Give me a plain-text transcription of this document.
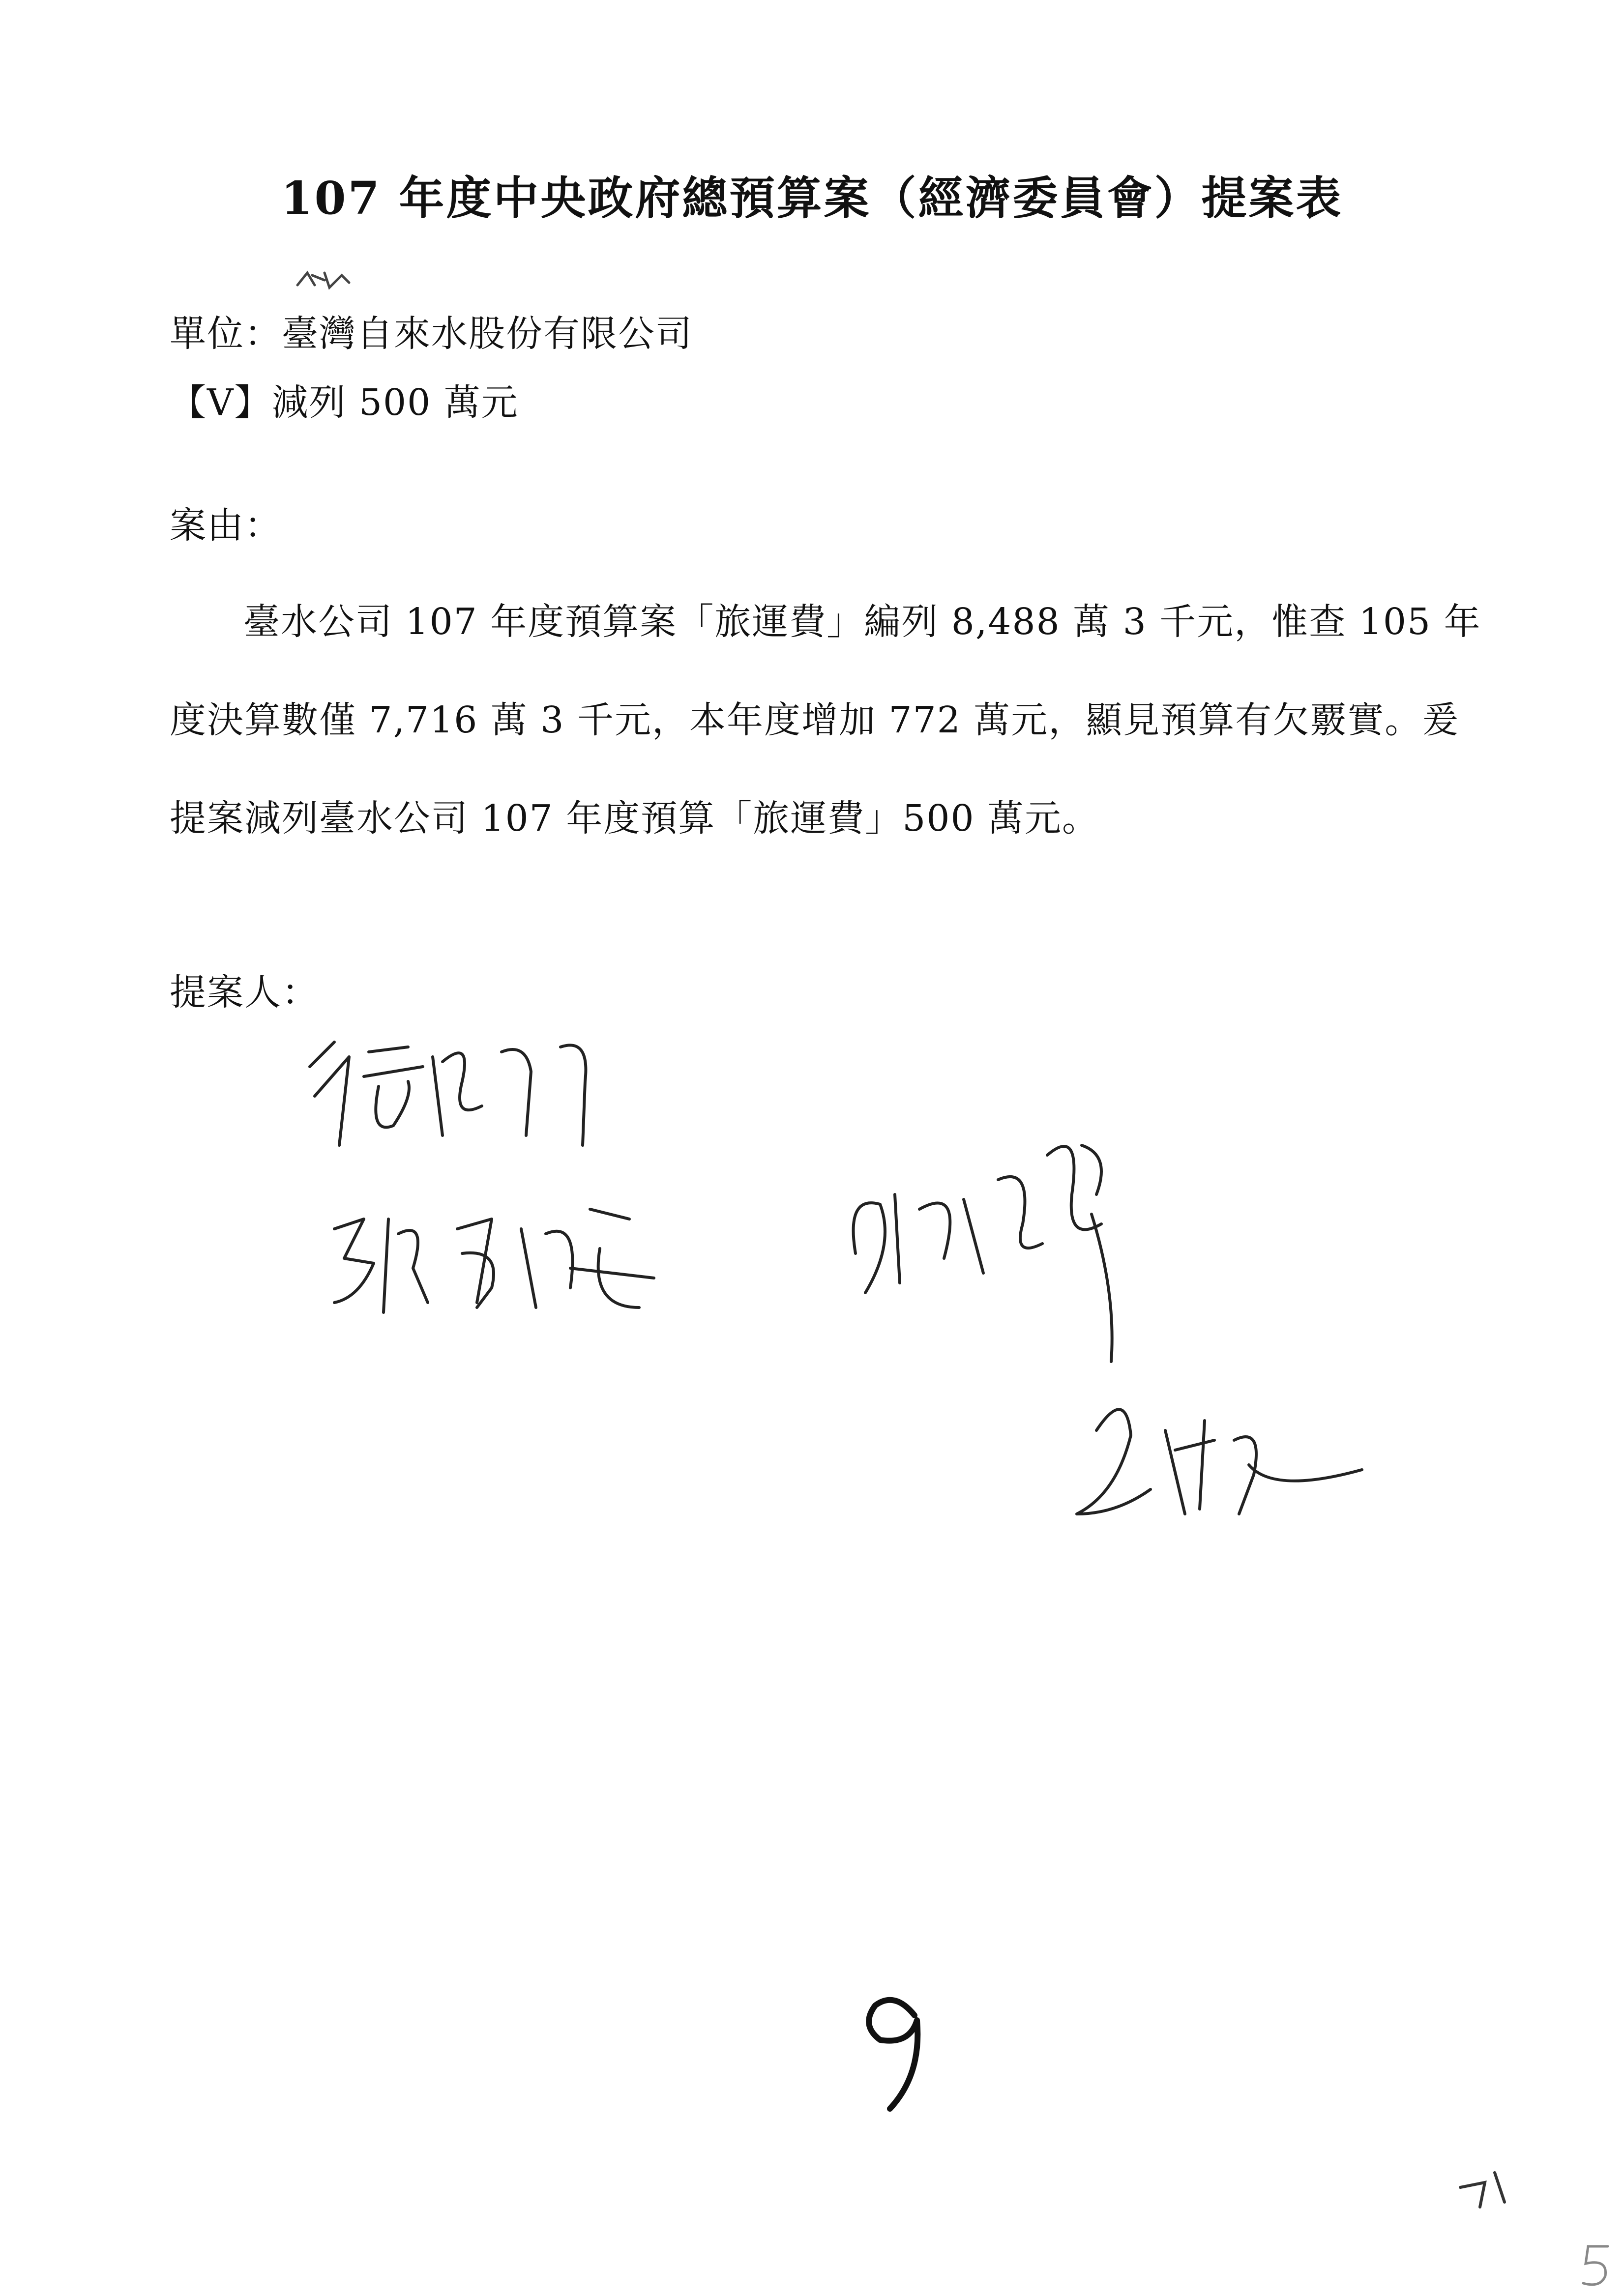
107 年度中央政府總預算案（經濟委員會）提案表
單位：臺灣自來水股份有限公司
【V】減列 500 萬元
案由：
臺水公司 107 年度預算案「旅運費」編列 8,488 萬 3 千元，惟查 105 年度決算數僅 7,716 萬 3 千元，本年度增加 772 萬元，顯見預算有欠覈實。爰提案減列臺水公司 107 年度預算「旅運費」500 萬元。
提案人：
